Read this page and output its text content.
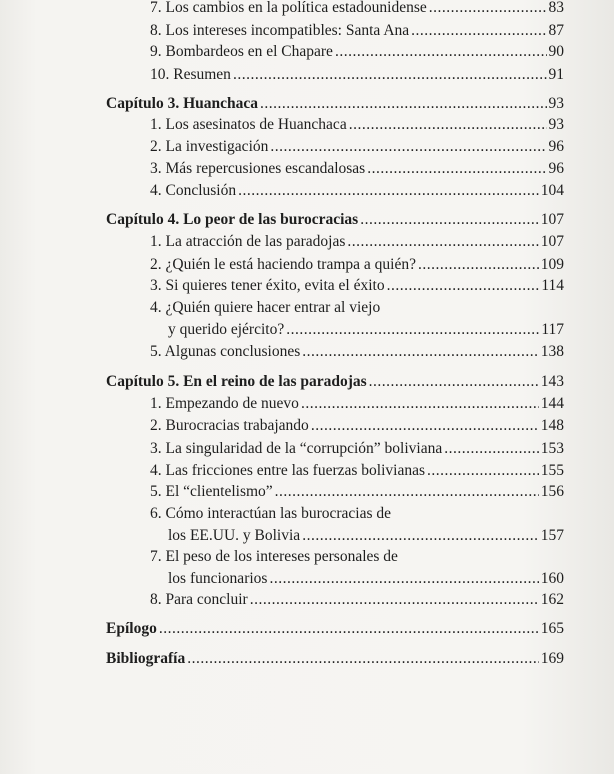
7. Los cambios en la política estadounidense .....	83
8. Los intereses incompatibles: Santa Ana .....	87
9. Bombardeos en el Chapare .....	90
10. Resumen .....	91
Capítulo 3. Huanchaca .....	93
1. Los asesinatos de Huanchaca .....	93
2. La investigación .....	96
3. Más repercusiones escandalosas .....	96
4. Conclusión .....	104
Capítulo 4. Lo peor de las burocracias .....	107
1. La atracción de las paradojas .....	107
2. ¿Quién le está haciendo trampa a quién? .....	109
3. Si quieres tener éxito, evita el éxito .....	114
4. ¿Quién quiere hacer entrar al viejo
y querido ejército? .....	117
5. Algunas conclusiones .....	138
Capítulo 5. En el reino de las paradojas .....	143
1. Empezando de nuevo .....	144
2. Burocracias trabajando .....	148
3. La singularidad de la “corrupción” boliviana .....	153
4. Las fricciones entre las fuerzas bolivianas .....	155
5. El “clientelismo” .....	156
6. Cómo interactúan las burocracias de
los EE.UU. y Bolivia .....	157
7. El peso de los intereses personales de
los funcionarios .....	160
8. Para concluir .....	162
Epílogo .....	165
Bibliografía .....	169
